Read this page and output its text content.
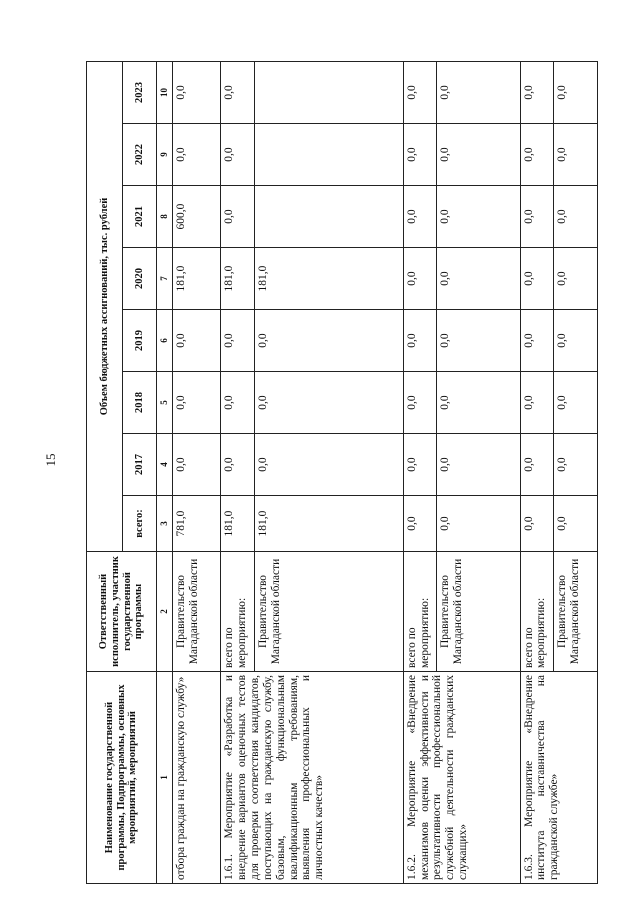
15
Наименование государственной программы, Подпрограммы, основных мероприятий, мероприятий	Ответственный исполнитель, участник государственной программы	Объем бюджетных ассигнований, тыс. рублей							
		всего:	2017	2018	2019	2020	2021	2022	2023
1	2	3	4	5	6	7	8	9	10
отбора граждан на гражданскую службу»	Правительство Магаданской области	781,0	0,0	0,0	0,0	181,0	600,0	0,0	0,0
1.6.1. Мероприятие «Разработка и внедрение вариантов оценочных тестов для проверки соответствия кандидатов, поступающих на гражданскую службу, базовым, функциональным квалификационным требованиям, выявления профессиональных и личностных качеств»	всего по мероприятию:	181,0	0,0	0,0	0,0	181,0	0,0	0,0	0,0
	Правительство Магаданской области	181,0	0,0	0,0	0,0	181,0			
1.6.2. Мероприятие «Внедрение механизмов оценки эффективности и результативности профессиональной служебной деятельности гражданских служащих»	всего по мероприятию:	0,0	0,0	0,0	0,0	0,0	0,0	0,0	0,0
	Правительство Магаданской области	0,0	0,0	0,0	0,0	0,0	0,0	0,0	0,0
1.6.3. Мероприятие «Внедрение института наставничества на гражданской службе»	всего по мероприятию:	0,0	0,0	0,0	0,0	0,0	0,0	0,0	0,0
	Правительство Магаданской области	0,0	0,0	0,0	0,0	0,0	0,0	0,0	0,0
